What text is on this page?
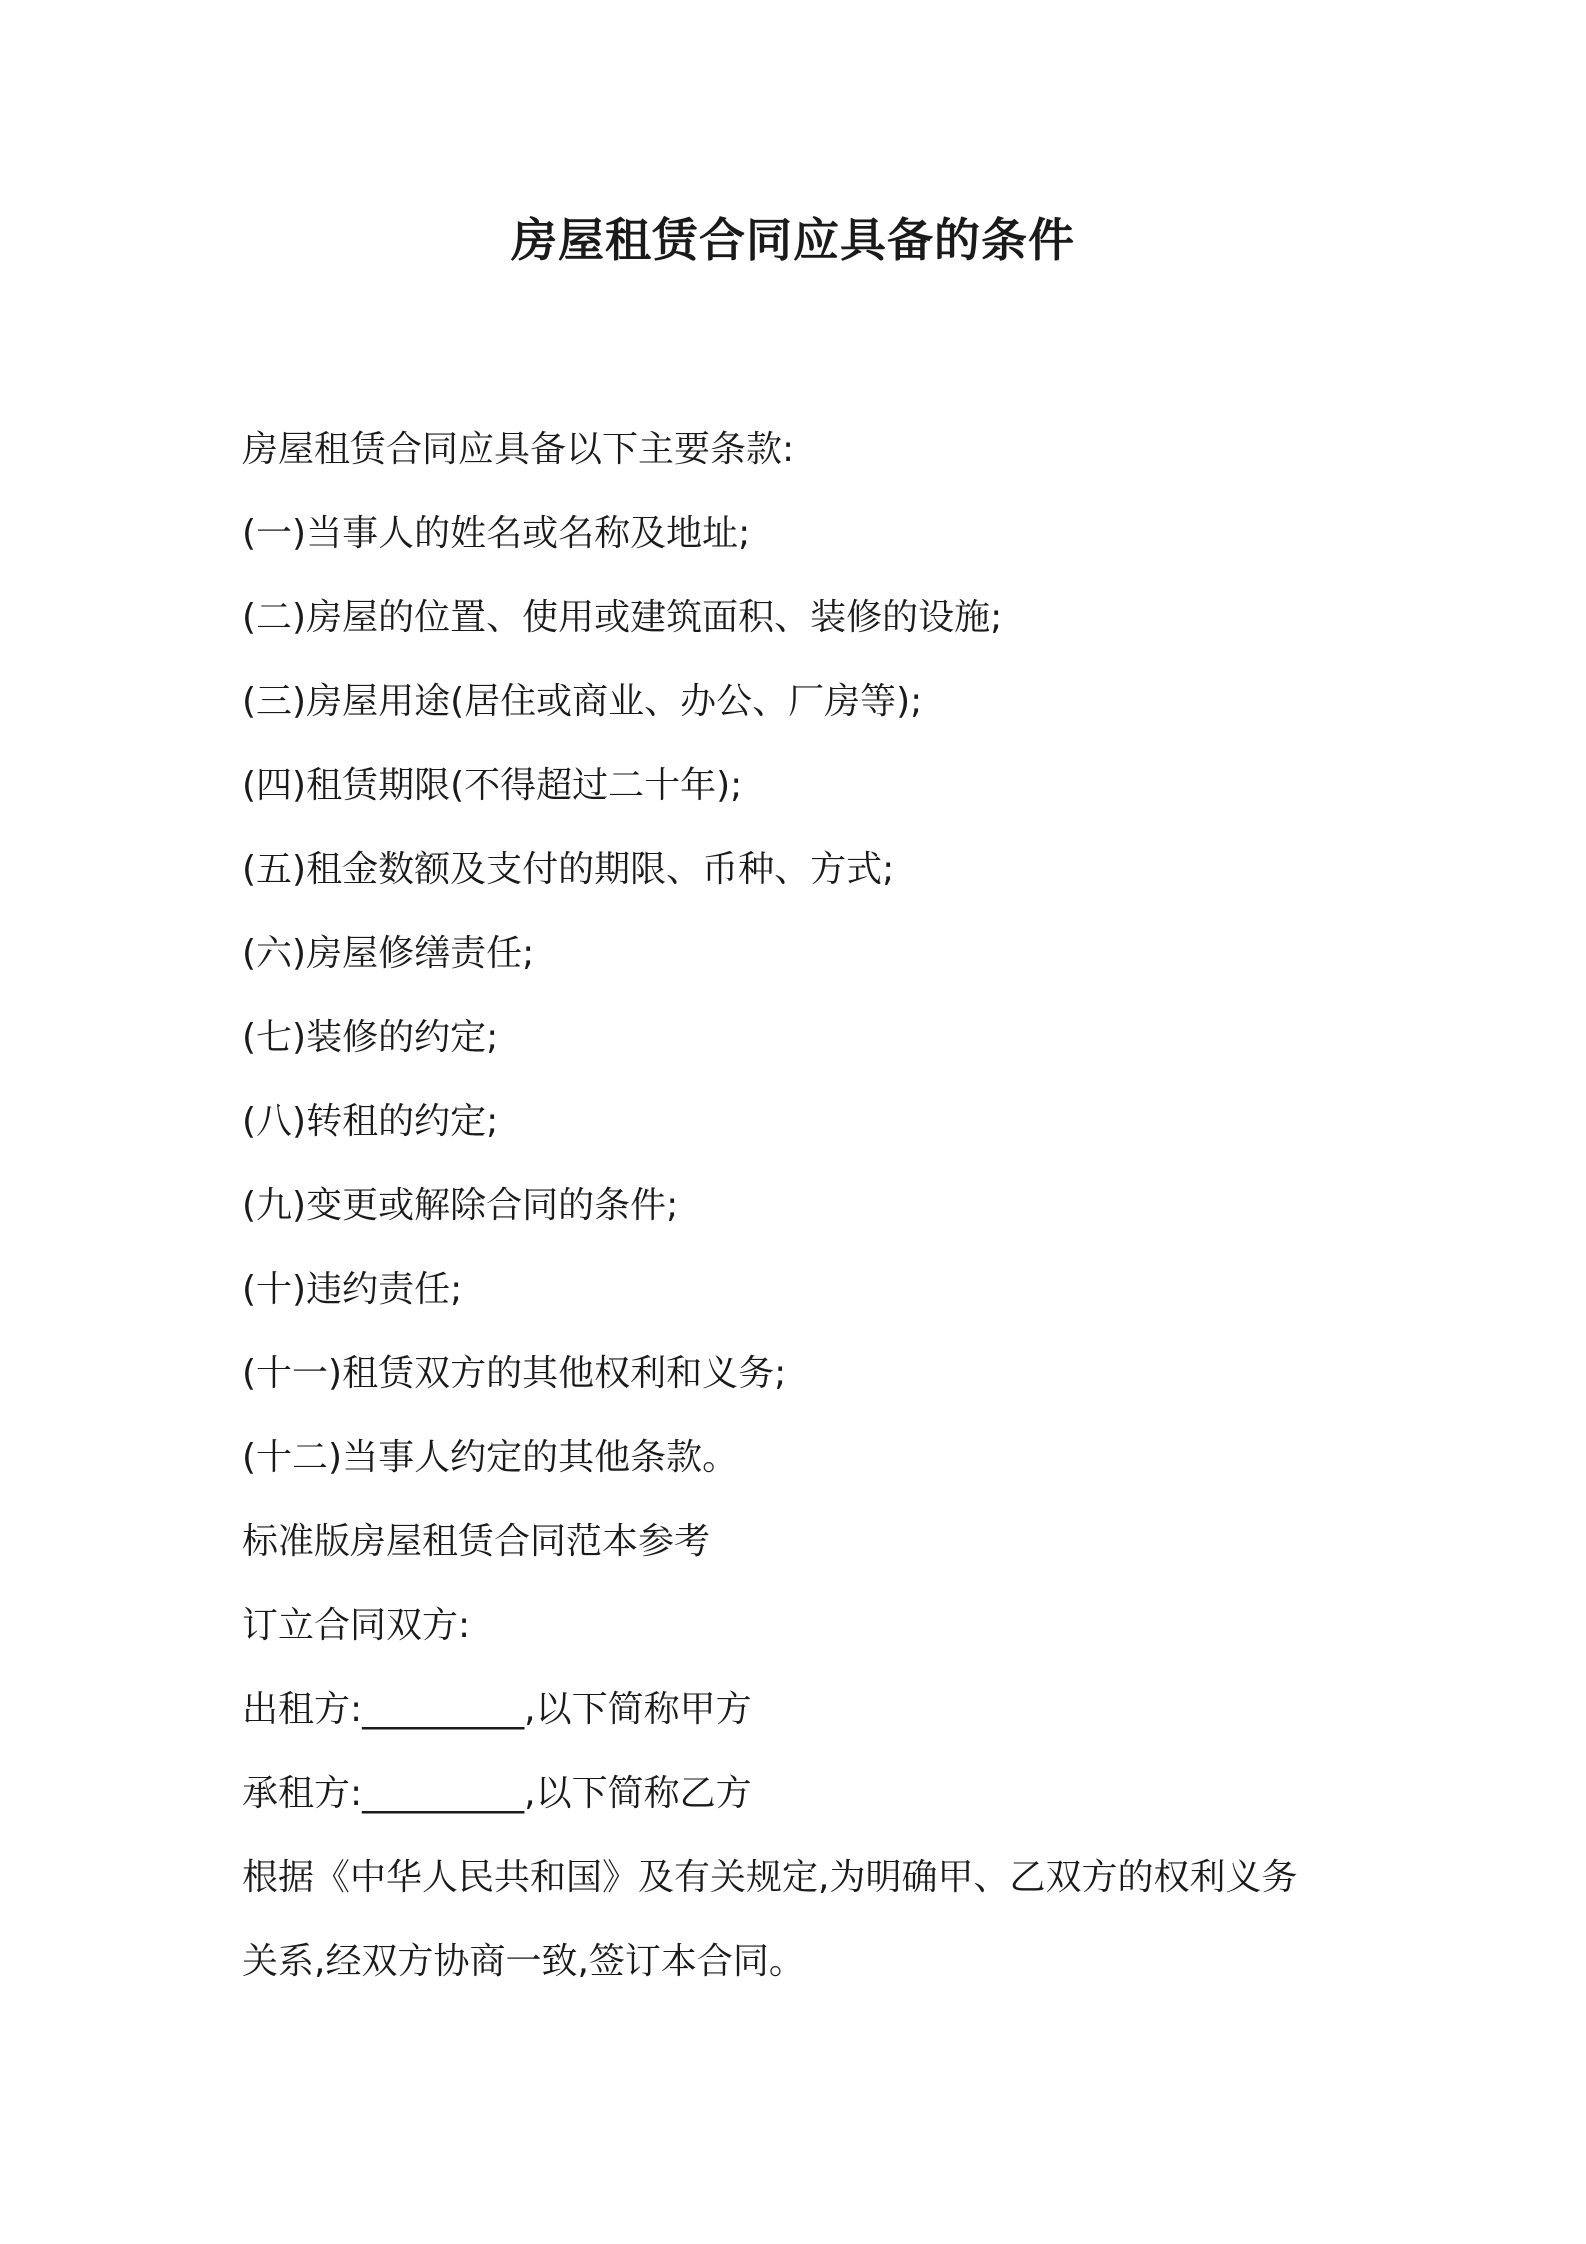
房屋租赁合同应具备的条件

房屋租赁合同应具备以下主要条款:

(一)当事人的姓名或名称及地址;

(二)房屋的位置、使用或建筑面积、装修的设施;

(三)房屋用途(居住或商业、办公、厂房等);

(四)租赁期限(不得超过二十年);

(五)租金数额及支付的期限、币种、方式;

(六)房屋修缮责任;

(七)装修的约定;

(八)转租的约定;

(九)变更或解除合同的条件;

(十)违约责任;

(十一)租赁双方的其他权利和义务;

(十二)当事人约定的其他条款。

标准版房屋租赁合同范本参考

订立合同双方:

出租方:_________,以下简称甲方

承租方:_________,以下简称乙方

根据《中华人民共和国》及有关规定,为明确甲、乙双方的权利义务

关系,经双方协商一致,签订本合同。
